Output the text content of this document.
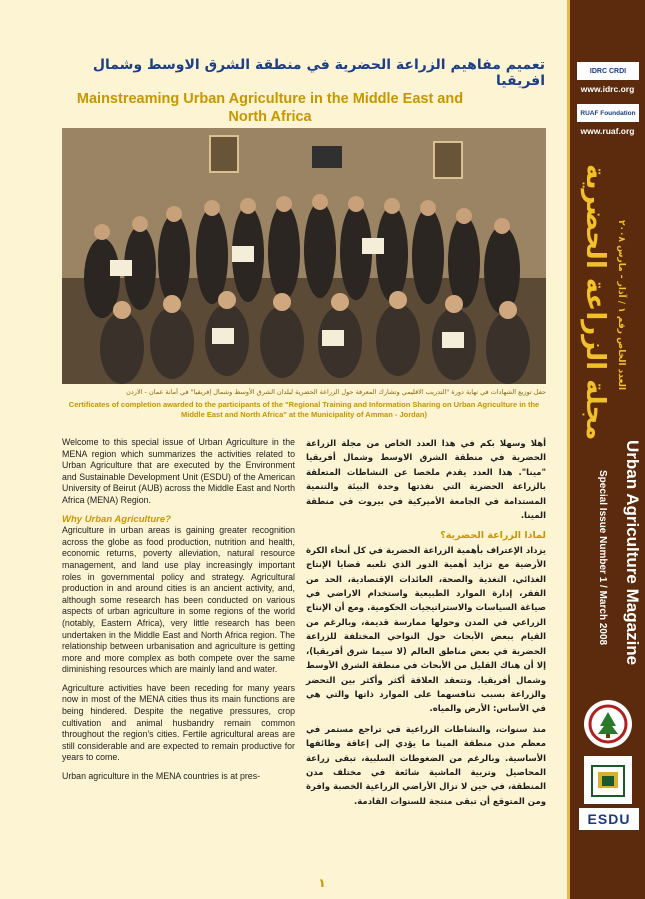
IDRC CRDI
www.idrc.org
RUAF Foundation
www.ruaf.org
مجلة الزراعة الحضرية العدد الخاص رقم ١ / آذار - مارس ٢٠٠٨
Urban Agriculture Magazine
Special Issue Number 1 / March 2008
ESDU
تعميم مفاهيم الزراعة الحضرية في منطقة الشرق الاوسط وشمال افريقيا
Mainstreaming Urban Agriculture in the Middle East and North Africa
حفل توزيع الشهادات في نهاية دورة "التدريب الاقليمي وتشارك المعرفة حول الزراعة الحضرية لبلدان الشرق الأوسط وشمال إفريقيا" في أمانة عمان - الاردن
Certificates of completion awarded to the participants of the "Regional Training and Information Sharing on Urban Agriculture in the Middle East and North Africa" at the Municipality of Amman - Jordan)

Welcome to this special issue of Urban Agriculture in the MENA region which summarizes the activities related to Urban Agriculture that are executed by the Environment and Sustainable Development Unit (ESDU) of the American University of Beirut (AUB) across the Middle East and North Africa (MENA) Region.

Why Urban Agriculture?

Agriculture in urban areas is gaining greater recognition across the globe as food production, nutrition and health, economic returns, poverty alleviation, natural resource management, and land use play increasingly important roles in governmental policy and strategy. Agricultural production in and around cities is an ancient activity, and, although some research has been conducted on various aspects of urban agriculture in some regions of the world (notably, Eastern Africa), very little research has been undertaken in the Middle East and North Africa region. The relationship between urbanisation and agriculture is getting more and more complex as both compete over the same diminishing resources which are mainly land and water.

Agriculture activities have been receding for many years now in most of the MENA cities thus its main functions are being hindered. Despite the negative pressures, crop cultivation and animal husbandry remain common throughout the region's cities. Fertile agricultural areas are still considerable and are expected to remain productive for years to come.

Urban agriculture in the MENA countries is at pres-

أهلا وسهلا بكم في هذا العدد الخاص من مجلة الزراعة الحضرية في منطقة الشرق الاوسط وشمال أفريقيا "مينا". هذا العدد يقدم ملخصا عن النشاطات المتعلقة بالزراعة الحضرية التي نفذتها وحدة البيئة والتنمية المستدامة في الجامعة الأميركية في بيروت في منطقة المينا.

لماذا الزراعة الحضرية؟

يزداد الإعتراف بأهمية الزراعة الحضرية في كل أنحاء الكرة الأرضية مع تزايد أهمية الدور الذي تلعبه قضايا الإنتاج الغذائي، التغذية والصحة، العائدات الإقتصادية، الحد من الفقر، إدارة الموارد الطبيعية واستخدام الاراضي في صياغة السياسات والاستراتيجيات الحكومية. ومع أن الإنتاج الزراعي في المدن وحولها ممارسة قديمة، وبالرغم من القيام ببعض الأبحاث حول النواحي المختلفة للزراعة الحضرية في بعض مناطق العالم (لا سيما شرق أفريقيا)، إلا أن هناك القليل من الأبحاث في منطقة الشرق الأوسط وشمال أفريقيا. وتتعقد العلاقة أكثر وأكثر بين التحضر والزراعة بسبب تنافسهما على الموارد ذاتها والتي هي في الأساس: الأرض والمياه.

منذ سنوات، والنشاطات الزراعية في تراجع مستمر في معظم مدن منطقة المينا ما يؤدي إلى إعاقة وظائفها الأساسية. وبالرغم من الضغوطات السلبية، تبقى زراعة المحاصيل وتربية الماشية شائعة في مختلف مدن المنطقة، في حين لا تزال الأراضي الزراعية الخصبة وافرة ومن المتوقع أن تبقى منتجة للسنوات القادمة.

١
